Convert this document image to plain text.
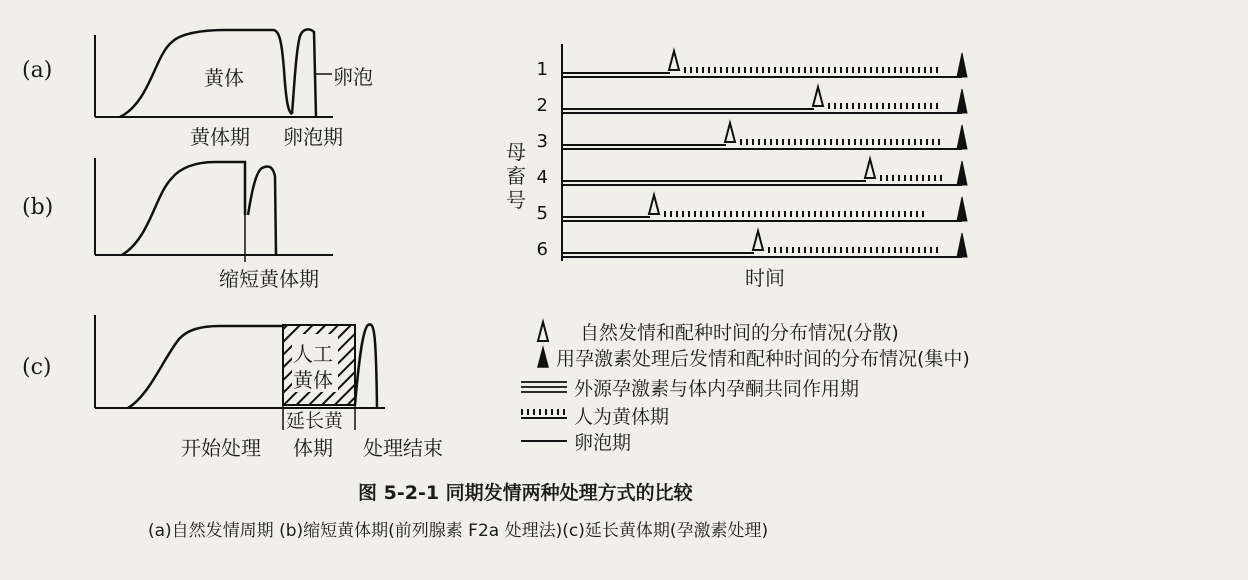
(a)
(b)
(c)
黄体	卵泡
黄体期 卵泡期
缩短黄体期
人工
黄体
开始处理
延长黄
体期 处理结束
1
2
3
4
5
6
母畜号
时间
自然发情和配种时间的分布情况(分散)
用孕激素处理后发情和配种时间的分布情况(集中)
外源孕激素与体内孕酮共同作用期
人为黄体期
卵泡期
图 5-2-1 同期发情两种处理方式的比较
(a)自然发情周期 (b)缩短黄体期(前列腺素 F2a 处理法)(c)延长黄体期(孕激素处理)
